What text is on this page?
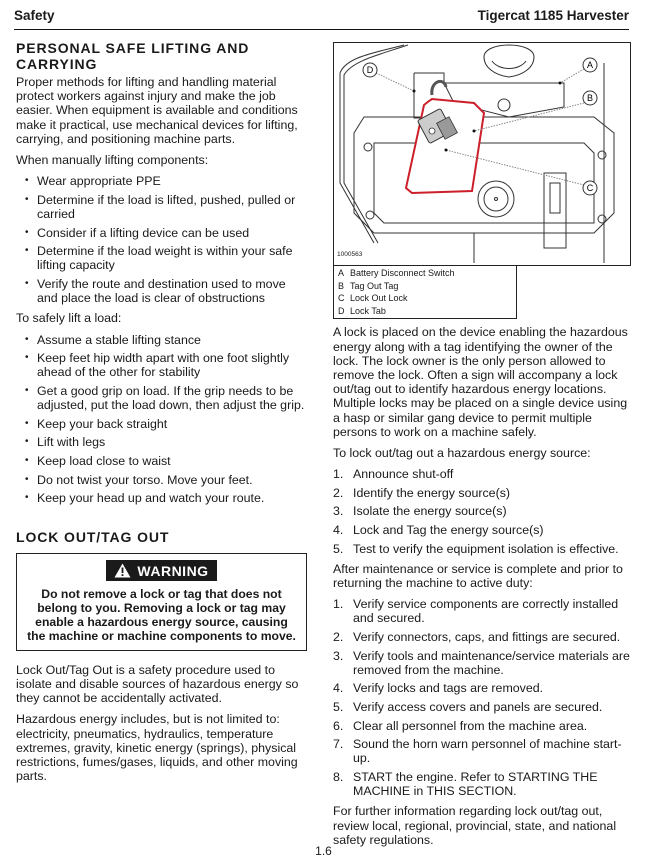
Safety	Tigercat 1185 Harvester
PERSONAL SAFE LIFTING AND CARRYING

Proper methods for lifting and handling material protect workers against injury and make the job easier. When equipment is available and conditions make it practical, use mechanical devices for lifting, carrying, and positioning machine parts.

When manually lifting components:

• Wear appropriate PPE
• Determine if the load is lifted, pushed, pulled or carried
• Consider if a lifting device can be used
• Determine if the load weight is within your safe lifting capacity
• Verify the route and destination used to move and place the load is clear of obstructions

To safely lift a load:

• Assume a stable lifting stance
• Keep feet hip width apart with one foot slightly ahead of the other for stability
• Get a good grip on load. If the grip needs to be adjusted, put the load down, then adjust the grip.
• Keep your back straight
• Lift with legs
• Keep load close to waist
• Do not twist your torso. Move your feet.
• Keep your head up and watch your route.
LOCK OUT/TAG OUT
WARNING
Do not remove a lock or tag that does not belong to you. Removing a lock or tag may enable a hazardous energy source, causing the machine or machine components to move.

Lock Out/Tag Out is a safety procedure used to isolate and disable sources of hazardous energy so they cannot be accidentally activated.

Hazardous energy includes, but is not limited to: electricity, pneumatics, hydraulics, temperature extremes, gravity, kinetic energy (springs), physical restrictions, fumes/gases, liquids, and other moving parts.

D	A
B
C
1000563
A Battery Disconnect Switch
B Tag Out Tag
C Lock Out Lock
D Lock Tab

A lock is placed on the device enabling the hazardous energy along with a tag identifying the owner of the lock. The lock owner is the only person allowed to remove the lock. Often a sign will accompany a lock out/tag out to identify hazardous energy locations. Multiple locks may be placed on a single device using a hasp or similar gang device to permit multiple persons to work on a machine safely.

To lock out/tag out a hazardous energy source:

1. Announce shut-off
2. Identify the energy source(s)
3. Isolate the energy source(s)
4. Lock and Tag the energy source(s)
5. Test to verify the equipment isolation is effective.

After maintenance or service is complete and prior to returning the machine to active duty:

1. Verify service components are correctly installed and secured.
2. Verify connectors, caps, and fittings are secured.
3. Verify tools and maintenance/service materials are removed from the machine.
4. Verify locks and tags are removed.
5. Verify access covers and panels are secured.
6. Clear all personnel from the machine area.
7. Sound the horn warn personnel of machine start-up.
8. START the engine. Refer to STARTING THE MACHINE in THIS SECTION.

For further information regarding lock out/tag out, review local, regional, provincial, state, and national safety regulations.

1.6
